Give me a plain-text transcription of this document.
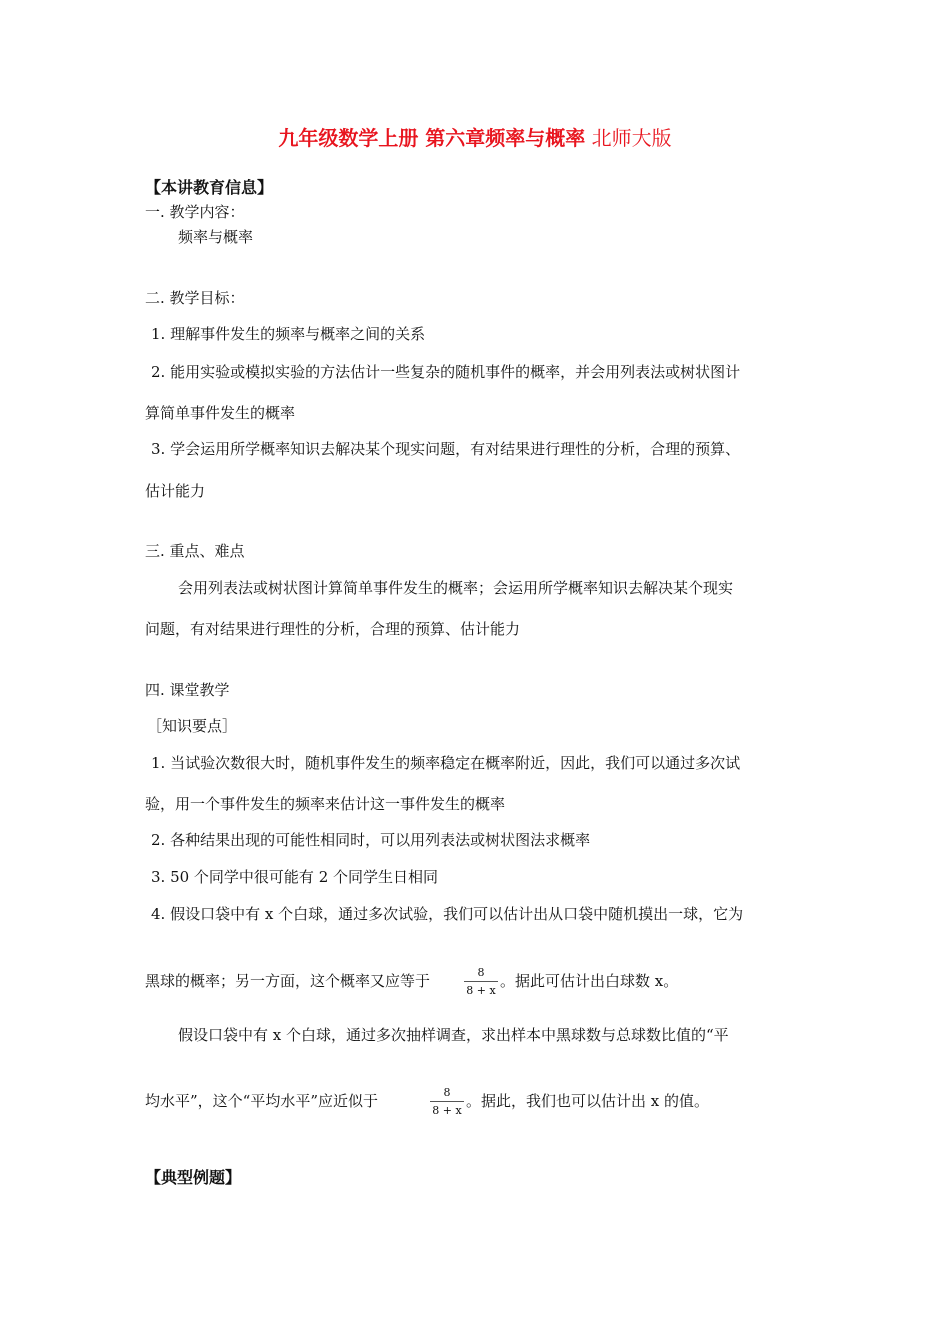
九年级数学上册 第六章频率与概率 北师大版
【本讲教育信息】
一. 教学内容：
频率与概率
二. 教学目标：
1. 理解事件发生的频率与概率之间的关系
2. 能用实验或模拟实验的方法估计一些复杂的随机事件的概率，并会用列表法或树状图计
算简单事件发生的概率
3. 学会运用所学概率知识去解决某个现实问题，有对结果进行理性的分析，合理的预算、
估计能力
三. 重点、难点
会用列表法或树状图计算简单事件发生的概率；会运用所学概率知识去解决某个现实
问题，有对结果进行理性的分析，合理的预算、估计能力
四. 课堂教学
［知识要点］
1. 当试验次数很大时，随机事件发生的频率稳定在概率附近，因此，我们可以通过多次试
验，用一个事件发生的频率来估计这一事件发生的概率
2. 各种结果出现的可能性相同时，可以用列表法或树状图法求概率
3. 50 个同学中很可能有 2 个同学生日相同
4. 假设口袋中有 x 个白球，通过多次试验，我们可以估计出从口袋中随机摸出一球，它为
黑球的概率；另一方面，这个概率又应等于	$\frac{8}{8 + x}$ 。据此可估计出白球数 x。
假设口袋中有 x 个白球，通过多次抽样调查，求出样本中黑球数与总球数比值的“平
均水平”，这个“平均水平”应近似于	$\frac{8}{8 + x}$ 。据此，我们也可以估计出 x 的值。
【典型例题】
